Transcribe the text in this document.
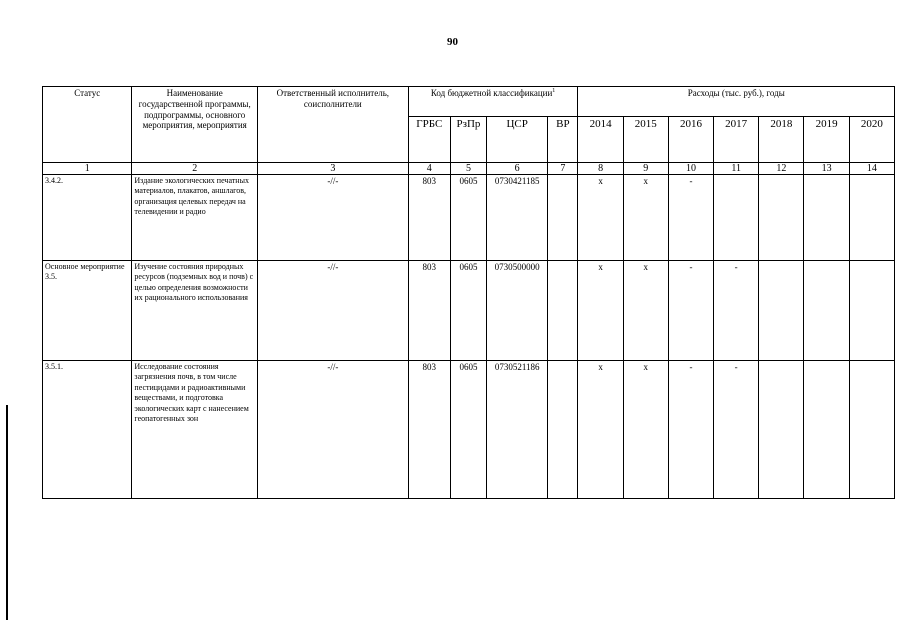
90
Статус	Наименование государственной программы, подпрограммы, основного мероприятия, мероприятия	Ответственный исполнитель, соисполнители	Код бюджетной классификации$^1$				Расходы (тыс. руб.), годы						
			ГРБС	РзПр	ЦСР	ВР	2014	2015	2016	2017	2018	2019	2020
1	2	3	4	5	6	7	8	9	10	11	12	13	14
3.4.2.	Издание экологических печатных материалов, плакатов, аншлагов, организация целевых передач на телевидении и радио	-//-	803	0605	0730421185		x	x	-				
Основное мероприятие 3.5.	Изучение состояния природных ресурсов (подземных вод и почв) с целью определения возможности их рационального использования	-//-	803	0605	0730500000		x	x	-	-			
3.5.1.	Исследование состояния загрязнения почв, в том числе пестицидами и радиоактивными веществами, и подготовка экологических карт с нанесением геопатогенных зон	-//-	803	0605	0730521186		x	x	-	-			
